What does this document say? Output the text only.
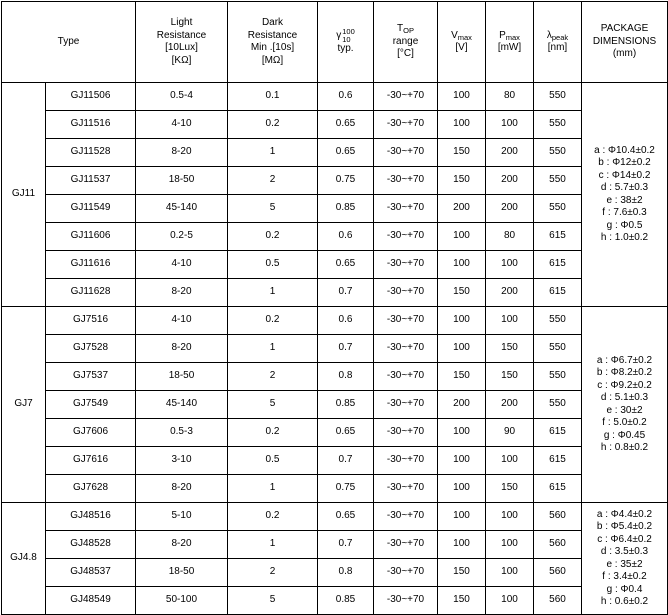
Type		Light
Resistance
[10Lux]
[KΩ]	Dark
Resistance
Min .[10s]
[MΩ]	γ 100
10
typ.	$T_{OP}$
range
[°C]	$V_{max}$
[V]	$P_{max}$
[mW]	$\lambda_{peak}$
[nm]	PACKAGE
DIMENSIONS
(mm)

GJ11	GJ11506	0.5-4	0.1	0.6	-30~+70	100	80	550	
a : Φ10.4±0.2
b : Φ12±0.2
c : Φ14±0.2
d : 5.7±0.3
e : 38±2
f : 7.6±0.3
g : Φ0.5
h : 1.0±0.2

	GJ11516	4-10	0.2	0.65	-30~+70	100	100	550	
	GJ11528	8-20	1	0.65	-30~+70	150	200	550	
	GJ11537	18-50	2	0.75	-30~+70	150	200	550	
	GJ11549	45-140	5	0.85	-30~+70	200	200	550	
	GJ11606	0.2-5	0.2	0.6	-30~+70	100	80	615	
	GJ11616	4-10	0.5	0.65	-30~+70	100	100	615	
	GJ11628	8-20	1	0.7	-30~+70	150	200	615	
GJ7	GJ7516	4-10	0.2	0.6	-30~+70	100	100	550	
a : Φ6.7±0.2
b : Φ8.2±0.2
c : Φ9.2±0.2
d : 5.1±0.3
e : 30±2
f : 5.0±0.2
g : Φ0.45
h : 0.8±0.2

	GJ7528	8-20	1	0.7	-30~+70	100	150	550	
	GJ7537	18-50	2	0.8	-30~+70	150	150	550	
	GJ7549	45-140	5	0.85	-30~+70	200	200	550	
	GJ7606	0.5-3	0.2	0.65	-30~+70	100	90	615	
	GJ7616	3-10	0.5	0.7	-30~+70	100	100	615	
	GJ7628	8-20	1	0.75	-30~+70	100	150	615	
GJ4.8	GJ48516	5-10	0.2	0.65	-30~+70	100	100	560	a : Φ4.4±0.2
b : Φ5.4±0.2
c : Φ6.4±0.2
d : 3.5±0.3
e : 35±2
f : 3.4±0.2
g : Φ0.4
h : 0.6±0.2

	GJ48528	8-20	1	0.7	-30~+70	100	100	560	
	GJ48537	18-50	2	0.8	-30~+70	150	100	560	
	GJ48549	50-100	5	0.85	-30~+70	150	100	560	
